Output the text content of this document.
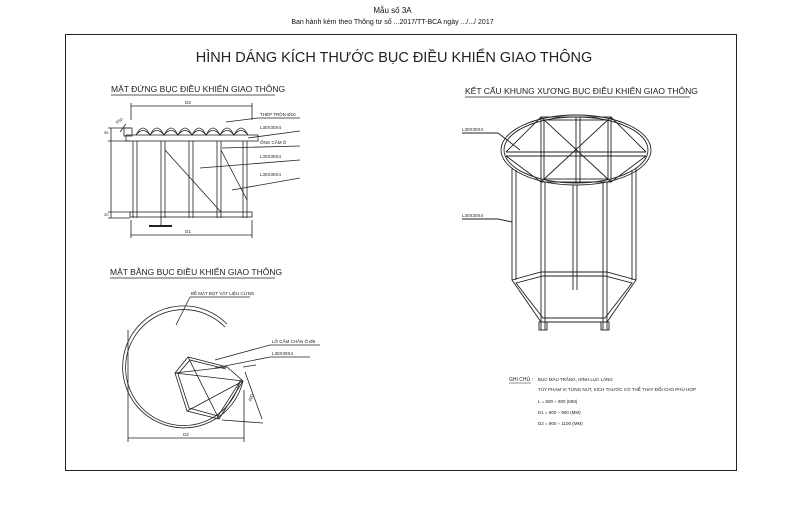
Mẫu số 3A
Ban hành kèm theo Thông tư số ...2017/TT-BCA ngày .../.../ 2017
HÌNH DÁNG KÍCH THƯỚC BỤC ĐIỀU KHIỂN GIAO THÔNG
MẶT ĐỨNG BỤC ĐIỀU KHIỂN GIAO THÔNG
D2
D1
R50
95
30
THÉP TRÒN Ø10
L30X30X4
ỐNG CẮM Ô
L30X30X4
L30X30X4
MẶT BẰNG BỤC ĐIỀU KHIỂN GIAO THÔNG
BỀ MẶT BỌT VẬT LIỆU CỨNG
LỖ CẮM CHÂN Ô Ø6
L30X30X4
400
D2
KẾT CẤU KHUNG XƯƠNG BỤC ĐIỀU KHIỂN GIAO THÔNG
L30X30X4
L30X30X4
GHI CHÚ : BỤC MÀU TRẮNG, HÌNH LỤC LĂNG
TÙY PHẠM VI TỪNG NÚT, KÍCH THƯỚC CÓ THỂ THAY ĐỔI CHO PHÙ HỢP
L = 500 ÷ 800 (MM)
D1 = 800 ÷ 900 (MM)
D2 = 900 ÷ 1100 (MM)
